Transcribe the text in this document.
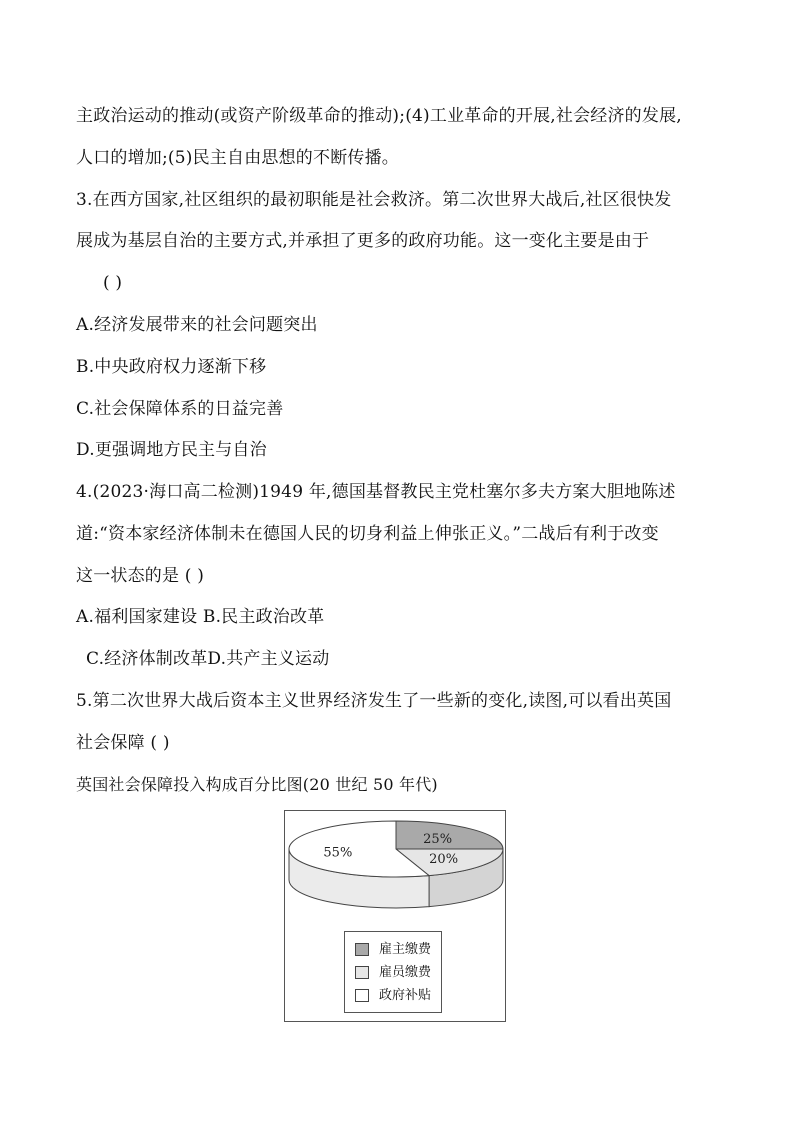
主政治运动的推动(或资产阶级革命的推动);(4)工业革命的开展,社会经济的发展,
人口的增加;(5)民主自由思想的不断传播。
3.在西方国家,社区组织的最初职能是社会救济。第二次世界大战后,社区很快发
展成为基层自治的主要方式,并承担了更多的政府功能。这一变化主要是由于
( )
A.经济发展带来的社会问题突出
B.中央政府权力逐渐下移
C.社会保障体系的日益完善
D.更强调地方民主与自治
4.(2023·海口高二检测)1949 年,德国基督教民主党杜塞尔多夫方案大胆地陈述
道:“资本家经济体制未在德国人民的切身利益上伸张正义。”二战后有利于改变
这一状态的是 ( )
A.福利国家建设 B.民主政治改革
C.经济体制改革D.共产主义运动
5.第二次世界大战后资本主义世界经济发生了一些新的变化,读图,可以看出英国
社会保障 ( )
英国社会保障投入构成百分比图(20 世纪 50 年代)
25%
20%
55%
雇主缴费
雇员缴费
政府补贴
